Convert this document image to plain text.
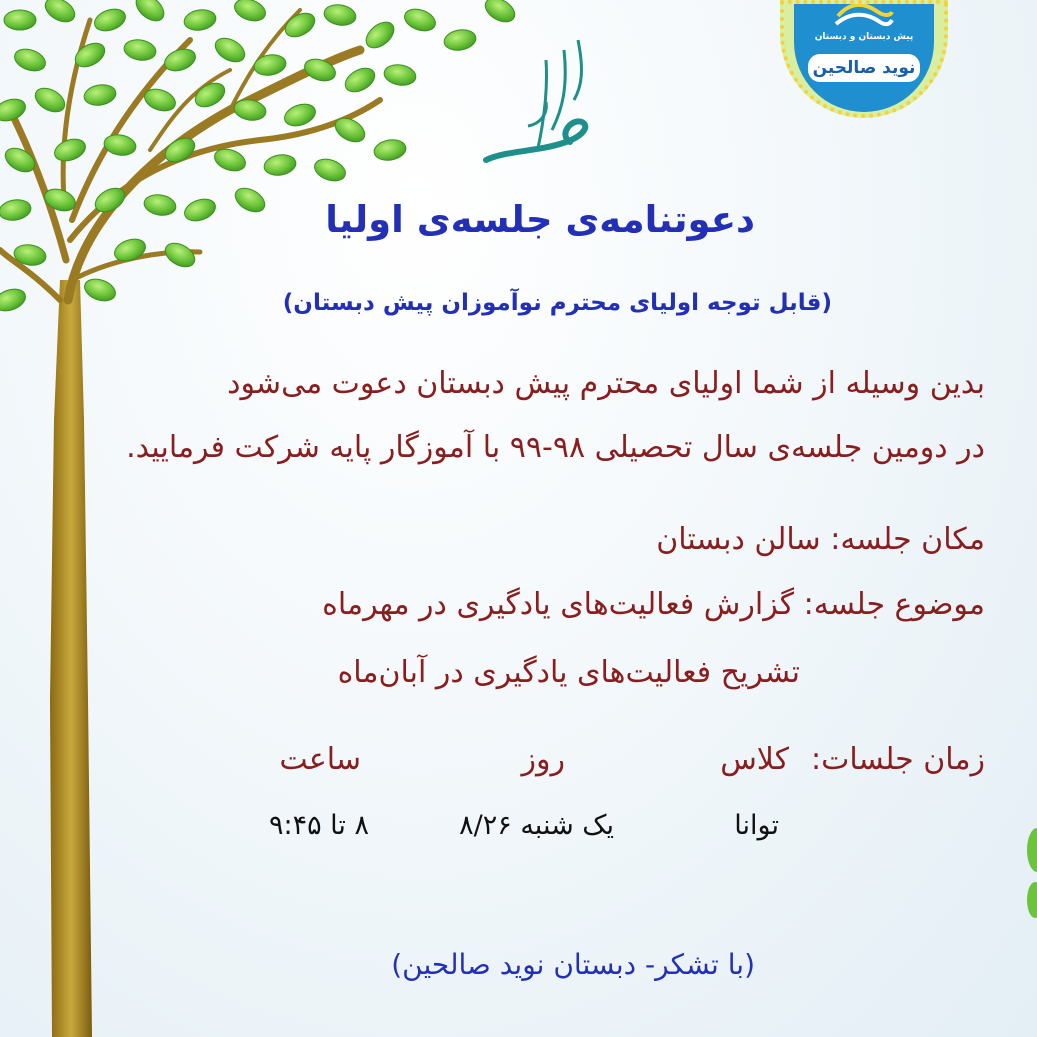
پیش دبستان و دبستان
نوید صالحین
دعوتنامه‌ی جلسه‌ی اولیا
(قابل توجه اولیای محترم نوآموزان پیش دبستان)
بدین وسیله از شما اولیای محترم پیش دبستان دعوت می‌شود
در دومین جلسه‌ی سال تحصیلی ۹۸-۹۹ با آموزگار پایه شرکت فرمایید.
مکان جلسه: سالن دبستان
موضوع جلسه: گزارش فعالیت‌های یادگیری در مهرماه
تشریح فعالیت‌های یادگیری در آبان‌ماه
زمان جلسات:
کلاس
روز
ساعت
توانا
یک شنبه ۸/۲۶
۸ تا ۹:۴۵
(با تشکر- دبستان نوید صالحین)
